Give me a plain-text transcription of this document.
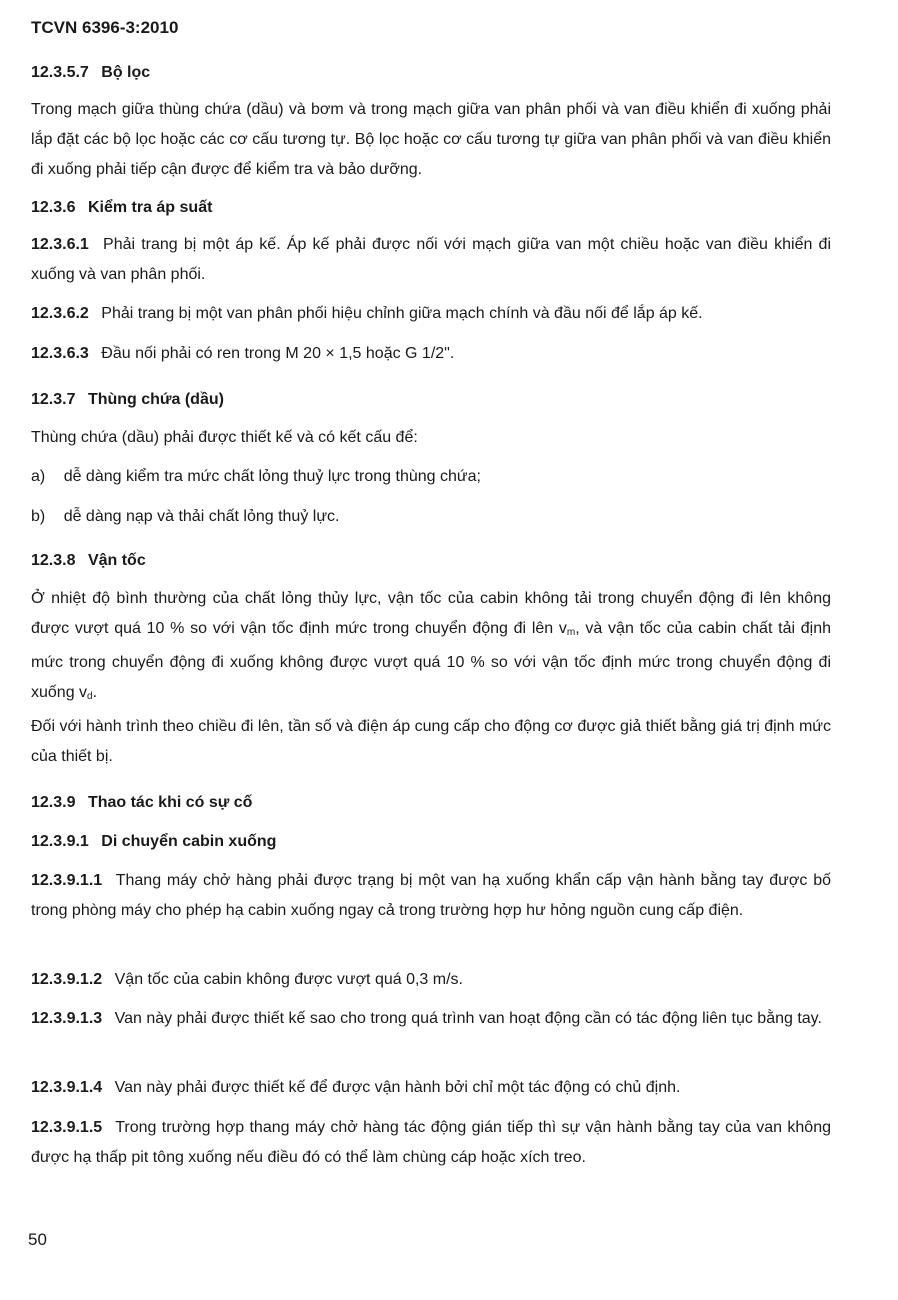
TCVN 6396-3:2010
12.3.5.7 Bộ lọc
Trong mạch giữa thùng chứa (dầu) và bơm và trong mạch giữa van phân phối và van điều khiển đi xuống phải lắp đặt các bộ lọc hoặc các cơ cấu tương tự. Bộ lọc hoặc cơ cấu tương tự giữa van phân phối và van điều khiển đi xuống phải tiếp cận được để kiểm tra và bảo dưỡng.
12.3.6 Kiểm tra áp suất
12.3.6.1 Phải trang bị một áp kế. Áp kế phải được nối với mạch giữa van một chiều hoặc van điều khiển đi xuống và van phân phối.
12.3.6.2 Phải trang bị một van phân phối hiệu chỉnh giữa mạch chính và đầu nối để lắp áp kế.
12.3.6.3 Đầu nối phải có ren trong M 20 × 1,5 hoặc G 1/2".
12.3.7 Thùng chứa (dầu)
Thùng chứa (dầu) phải được thiết kế và có kết cấu để:
a) dễ dàng kiểm tra mức chất lỏng thuỷ lực trong thùng chứa;
b) dễ dàng nạp và thải chất lỏng thuỷ lực.
12.3.8 Vận tốc
Ở nhiệt độ bình thường của chất lỏng thủy lực, vận tốc của cabin không tải trong chuyển động đi lên không được vượt quá 10 % so với vận tốc định mức trong chuyển động đi lên $v_m$, và vận tốc của cabin chất tải định mức trong chuyển động đi xuống không được vượt quá 10 % so với vận tốc định mức trong chuyển động đi xuống $v_d$.
Đối với hành trình theo chiều đi lên, tần số và điện áp cung cấp cho động cơ được giả thiết bằng giá trị định mức của thiết bị.
12.3.9 Thao tác khi có sự cố
12.3.9.1 Di chuyển cabin xuống
12.3.9.1.1 Thang máy chở hàng phải được trạng bị một van hạ xuống khẩn cấp vận hành bằng tay được bố trong phòng máy cho phép hạ cabin xuống ngay cả trong trường hợp hư hỏng nguồn cung cấp điện.
12.3.9.1.2 Vận tốc của cabin không được vượt quá 0,3 m/s.
12.3.9.1.3 Van này phải được thiết kế sao cho trong quá trình van hoạt động cần có tác động liên tục bằng tay.
12.3.9.1.4 Van này phải được thiết kế để được vận hành bởi chỉ một tác động có chủ định.
12.3.9.1.5 Trong trường hợp thang máy chở hàng tác động gián tiếp thì sự vận hành bằng tay của van không được hạ thấp pit tông xuống nếu điều đó có thể làm chùng cáp hoặc xích treo.
50
